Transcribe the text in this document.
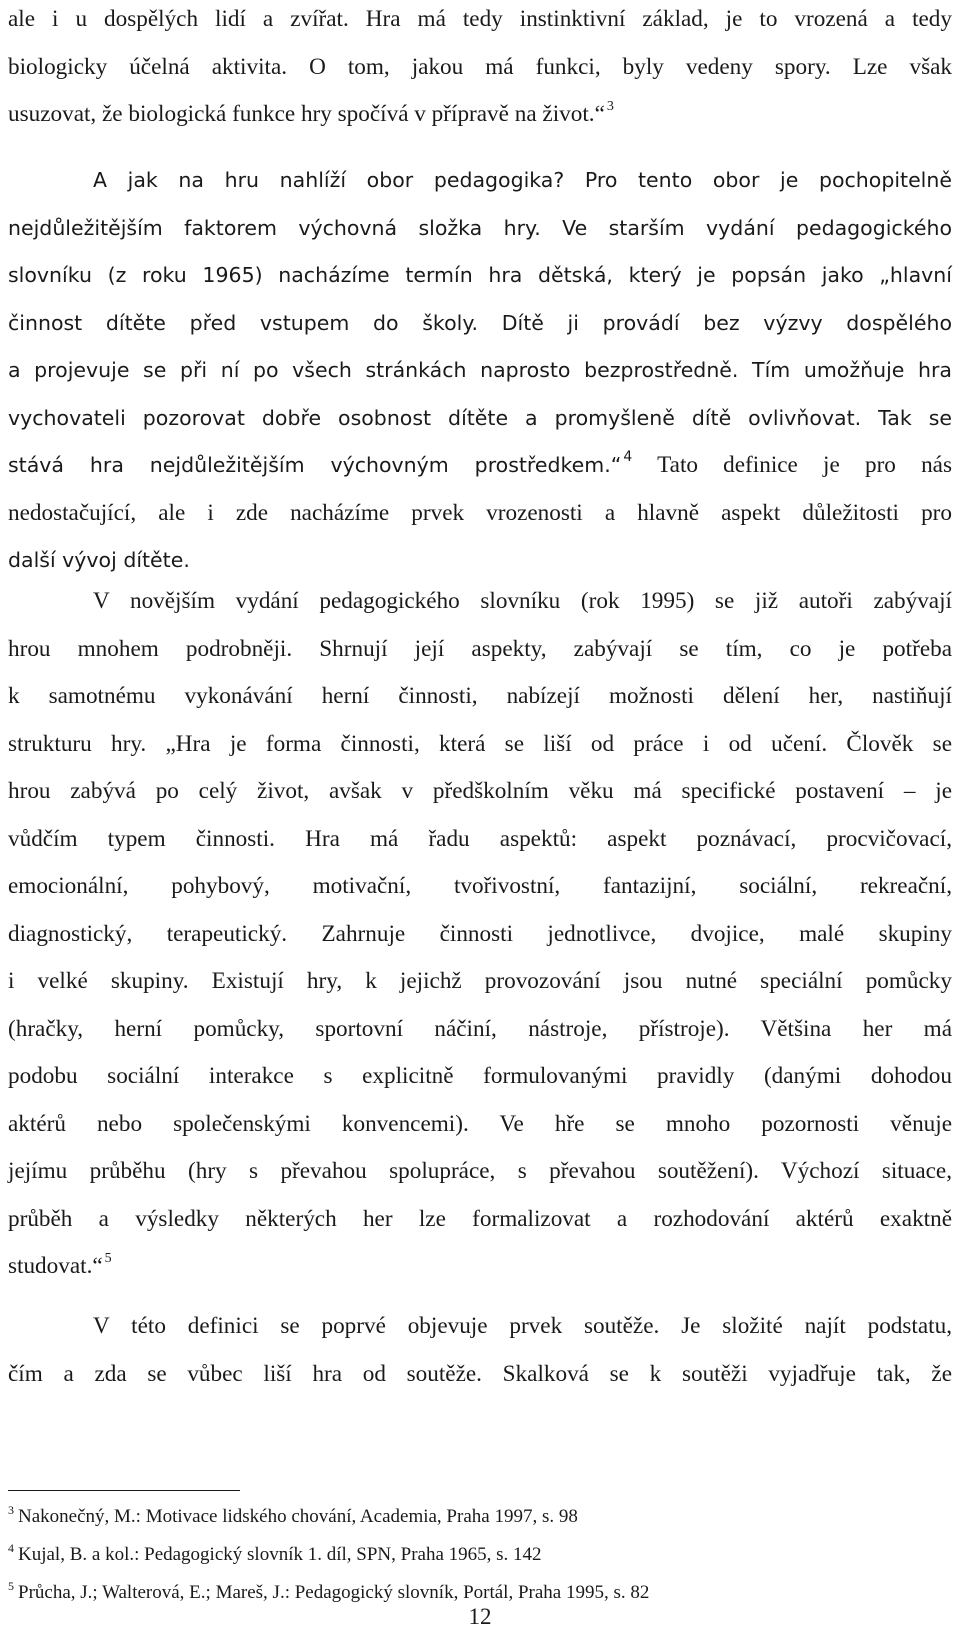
ale i u dospělých lidí a zvířat. Hra má tedy instinktivní základ, je to vrozená a tedy
biologicky účelná aktivita. O tom, jakou má funkci, byly vedeny spory. Lze však
usuzovat, že biologická funkce hry spočívá v přípravě na život.“ $^3$
A jak na hru nahlíží obor pedagogika? Pro tento obor je pochopitelně
nejdůležitějším faktorem výchovná složka hry. Ve starším vydání pedagogického
slovníku (z roku 1965) nacházíme termín hra dětská, který je popsán jako „hlavní
činnost dítěte před vstupem do školy. Dítě ji provádí bez výzvy dospělého
a projevuje se při ní po všech stránkách naprosto bezprostředně. Tím umožňuje hra
vychovateli pozorovat dobře osobnost dítěte a promyšleně dítě ovlivňovat. Tak se
stává hra nejdůležitějším výchovným prostředkem.“ $^4$ Tato definice je pro nás
nedostačující, ale i zde nacházíme prvek vrozenosti a hlavně aspekt důležitosti pro
další vývoj dítěte.
V novějším vydání pedagogického slovníku (rok 1995) se již autoři zabývají
hrou mnohem podrobněji. Shrnují její aspekty, zabývají se tím, co je potřeba
k samotnému vykonávání herní činnosti, nabízejí možnosti dělení her, nastiňují
strukturu hry. „Hra je forma činnosti, která se liší od práce i od učení. Člověk se
hrou zabývá po celý život, avšak v předškolním věku má specifické postavení – je
vůdčím typem činnosti. Hra má řadu aspektů: aspekt poznávací, procvičovací,
emocionální, pohybový, motivační, tvořivostní, fantazijní, sociální, rekreační,
diagnostický, terapeutický. Zahrnuje činnosti jednotlivce, dvojice, malé skupiny
i velké skupiny. Existují hry, k jejichž provozování jsou nutné speciální pomůcky
(hračky, herní pomůcky, sportovní náčiní, nástroje, přístroje). Většina her má
podobu sociální interakce s explicitně formulovanými pravidly (danými dohodou
aktérů nebo společenskými konvencemi). Ve hře se mnoho pozornosti věnuje
jejímu průběhu (hry s převahou spolupráce, s převahou soutěžení). Výchozí situace,
průběh a výsledky některých her lze formalizovat a rozhodování aktérů exaktně
studovat.“ $^5$
V této definici se poprvé objevuje prvek soutěže. Je složité najít podstatu,
čím a zda se vůbec liší hra od soutěže. Skalková se k soutěži vyjadřuje tak, že
$^3$ Nakonečný, M.: Motivace lidského chování, Academia, Praha 1997, s. 98
$^4$ Kujal, B. a kol.: Pedagogický slovník 1. díl, SPN, Praha 1965, s. 142
$^5$ Průcha, J.; Walterová, E.; Mareš, J.: Pedagogický slovník, Portál, Praha 1995, s. 82
12
